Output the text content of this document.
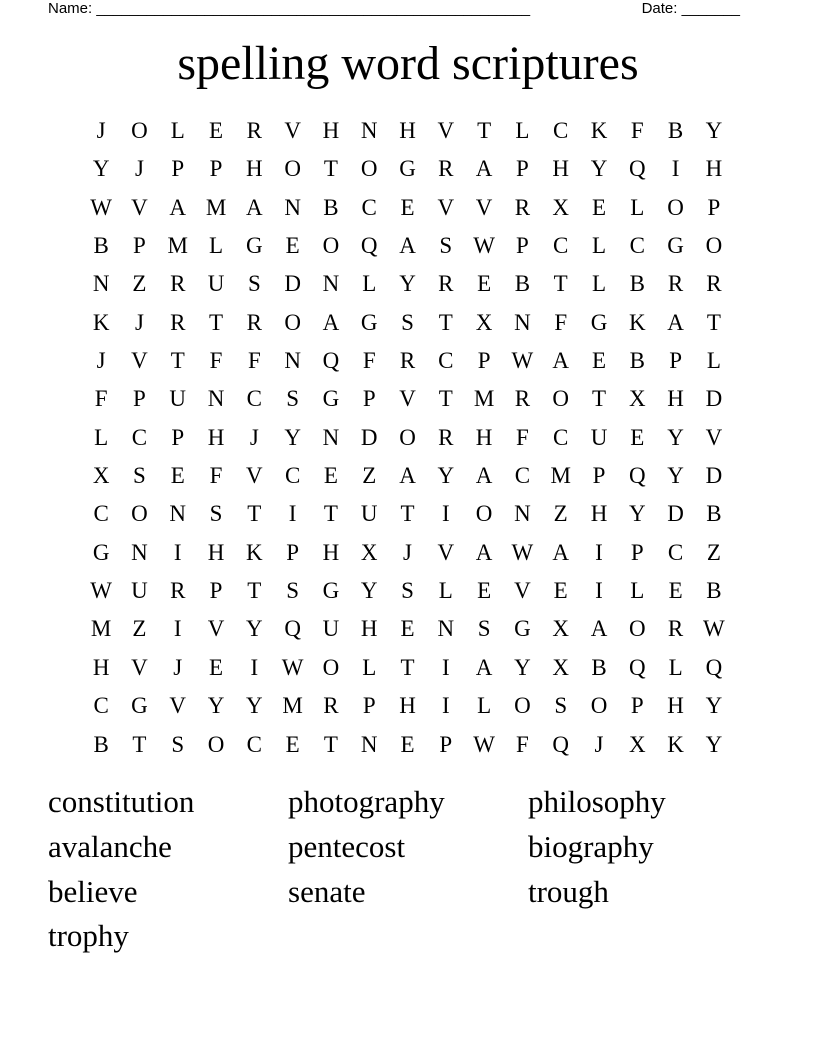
Name: ____________________________________________________	Date: _______
spelling word scriptures
J	O L	E	R V H N H V T	L	C K	F	B Y
Y	J	P	P	H O T O G R A	P	H Y Q	I	H
W V A M A N B C	E V V R X E	L O	P
B	P M L G E O Q A	S W P	C	L	C G O
N Z	R U	S	D N L Y R	E	B	T	L	B R R
K	J	R	T	R O A G	S	T X N	F	G K A T
J	V T	F	F	N Q	F	R C	P W A E	B	P	L
F	P	U N C	S	G	P	V T M R O T X H D
L	C	P	H	J	Y N D O R H	F	C U E Y V
X	S	E	F	V C	E	Z A Y A C M P	Q Y D
C O N	S	T	I	T U T	I	O N Z H Y D B
G N	I	H K	P	H X	J	V A W A	I	P	C	Z
W U R	P	T	S	G Y	S	L	E V E	I	L	E	B
M Z	I	V Y Q U H E N	S	G X A O R W
H V	J	E	I	W O L	T	I	A Y X B Q L Q
C G V Y Y M R	P	H	I	L O	S	O	P	H Y
B	T	S	O C	E	T N E	P W F	Q	J	X K Y
constitution	photography	philosophy
avalanche	pentecost	biography
believe	senate	trough
trophy
